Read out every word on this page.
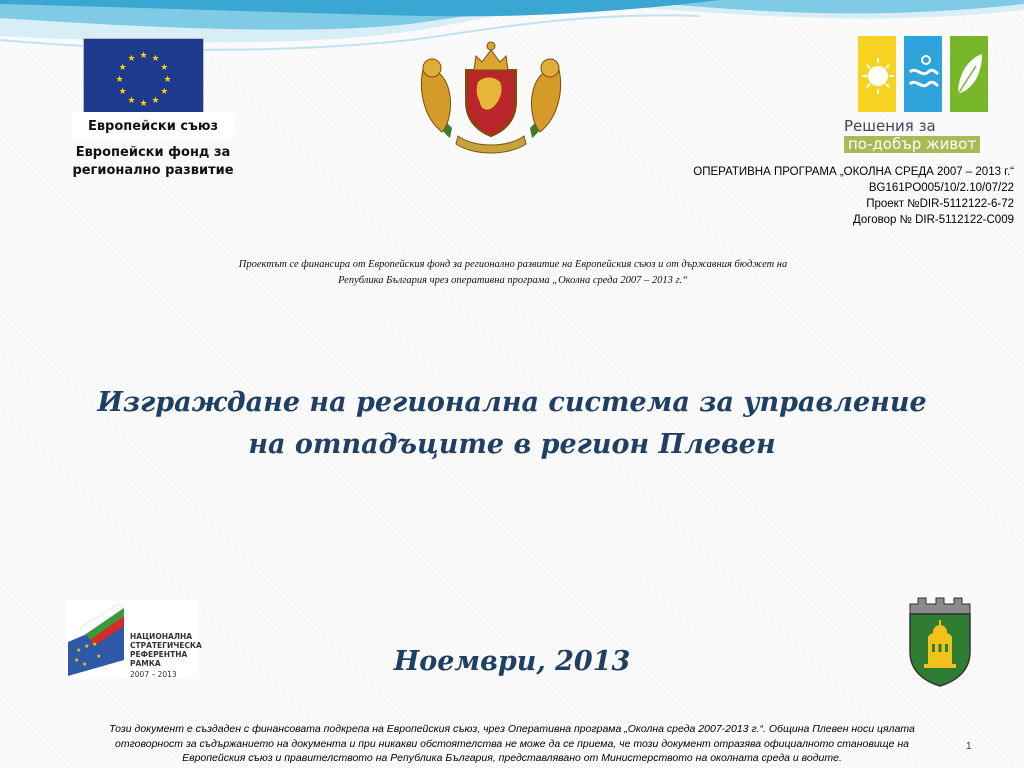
★ ★
★
★
★
★
★
★
★
★
★
★
Европейски съюз
Европейски фонд за регионално развитие
Решения за
по-добър живот
ОПЕРАТИВНА ПРОГРАМА „ОКОЛНА СРЕДА 2007 – 2013 г.“
BG161PO005/10/2.10/07/22
Проект №DIR-5112122-6-72
Договор № DIR-5112122-C009
Проектът се финансира от Европейския фонд за регионално развитие на Европейския съюз и от държавния бюджет на
Република България чрез оперативна програма „Околна среда 2007 – 2013 г.“
Изграждане на регионална система за управление
на отпадъците в регион Плевен
★
★ ★
★
★
★
НАЦИОНАЛНА
СТРАТЕГИЧЕСКА
РЕФЕРЕНТНА РАМКА
2007 – 2013	Ноември, 2013
Този документ е създаден с финансовата подкрепа на Европейския съюз, чрез Оперативна програма „Околна среда 2007-2013 г.“. Община Плевен носи цялата
отговорност за съдържанието на документа и при никакви обстоятелства не може да се приема, че този документ отразява официалното становище на
Европейския съюз и правителството на Република България, представлявано от Министерството на околната среда и водите.
1
